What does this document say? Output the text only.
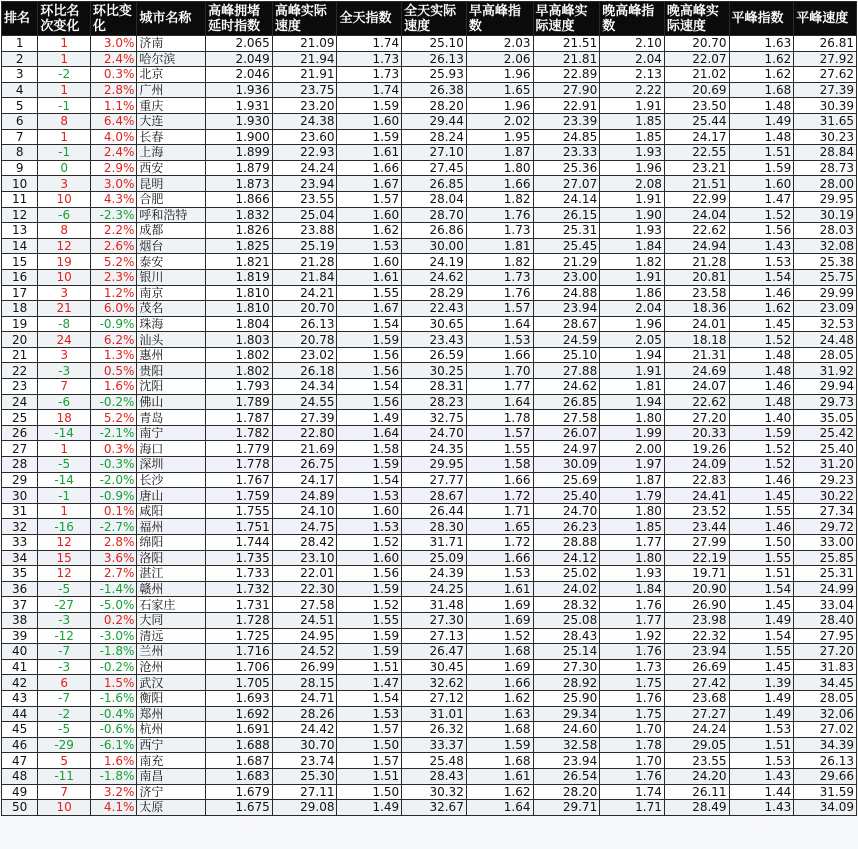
排名	环比名次变化	环比变化	城市名称	高峰拥堵延时指数	高峰实际速度	全天指数	全天实际速度	早高峰指数	早高峰实际速度	晚高峰指数	晚高峰实际速度	平峰指数	平峰速度
1	1	3.0%	济南	2.065	21.09	1.74	25.10	2.03	21.51	2.10	20.70	1.63	26.81
2	1	2.4%	哈尔滨	2.049	21.94	1.73	26.13	2.06	21.81	2.04	22.07	1.62	27.92
3	-2	0.3%	北京	2.046	21.91	1.73	25.93	1.96	22.89	2.13	21.02	1.62	27.62
4	1	2.8%	广州	1.936	23.75	1.74	26.38	1.65	27.90	2.22	20.69	1.68	27.39
5	-1	1.1%	重庆	1.931	23.20	1.59	28.20	1.96	22.91	1.91	23.50	1.48	30.39
6	8	6.4%	大连	1.930	24.38	1.60	29.44	2.02	23.39	1.85	25.44	1.49	31.65
7	1	4.0%	长春	1.900	23.60	1.59	28.24	1.95	24.85	1.85	24.17	1.48	30.23
8	-1	2.4%	上海	1.899	22.93	1.61	27.10	1.87	23.33	1.93	22.55	1.51	28.84
9	0	2.9%	西安	1.879	24.24	1.66	27.45	1.80	25.36	1.96	23.21	1.59	28.73
10	3	3.0%	昆明	1.873	23.94	1.67	26.85	1.66	27.07	2.08	21.51	1.60	28.00
11	10	4.3%	合肥	1.866	23.55	1.57	28.04	1.82	24.14	1.91	22.99	1.47	29.95
12	-6	-2.3%	呼和浩特	1.832	25.04	1.60	28.70	1.76	26.15	1.90	24.04	1.52	30.19
13	8	2.2%	成都	1.826	23.88	1.62	26.86	1.73	25.31	1.93	22.62	1.56	28.03
14	12	2.6%	烟台	1.825	25.19	1.53	30.00	1.81	25.45	1.84	24.94	1.43	32.08
15	19	5.2%	泰安	1.821	21.28	1.60	24.19	1.82	21.29	1.82	21.28	1.53	25.38
16	10	2.3%	银川	1.819	21.84	1.61	24.62	1.73	23.00	1.91	20.81	1.54	25.75
17	3	1.2%	南京	1.810	24.21	1.55	28.29	1.76	24.88	1.86	23.58	1.46	29.99
18	21	6.0%	茂名	1.810	20.70	1.67	22.43	1.57	23.94	2.04	18.36	1.62	23.09
19	-8	-0.9%	珠海	1.804	26.13	1.54	30.65	1.64	28.67	1.96	24.01	1.45	32.53
20	24	6.2%	汕头	1.803	20.78	1.59	23.43	1.53	24.59	2.05	18.18	1.52	24.48
21	3	1.3%	惠州	1.802	23.02	1.56	26.59	1.66	25.10	1.94	21.31	1.48	28.05
22	-3	0.5%	贵阳	1.802	26.18	1.56	30.25	1.70	27.88	1.91	24.69	1.48	31.92
23	7	1.6%	沈阳	1.793	24.34	1.54	28.31	1.77	24.62	1.81	24.07	1.46	29.94
24	-6	-0.2%	佛山	1.789	24.55	1.56	28.23	1.64	26.85	1.94	22.62	1.48	29.73
25	18	5.2%	青岛	1.787	27.39	1.49	32.75	1.78	27.58	1.80	27.20	1.40	35.05
26	-14	-2.1%	南宁	1.782	22.80	1.64	24.70	1.57	26.07	1.99	20.33	1.59	25.42
27	1	0.3%	海口	1.779	21.69	1.58	24.35	1.55	24.97	2.00	19.26	1.52	25.40
28	-5	-0.3%	深圳	1.778	26.75	1.59	29.95	1.58	30.09	1.97	24.09	1.52	31.20
29	-14	-2.0%	长沙	1.767	24.17	1.54	27.77	1.66	25.69	1.87	22.83	1.46	29.23
30	-1	-0.9%	唐山	1.759	24.89	1.53	28.67	1.72	25.40	1.79	24.41	1.45	30.22
31	1	0.1%	咸阳	1.755	24.10	1.60	26.44	1.71	24.70	1.80	23.52	1.55	27.34
32	-16	-2.7%	福州	1.751	24.75	1.53	28.30	1.65	26.23	1.85	23.44	1.46	29.72
33	12	2.8%	绵阳	1.744	28.42	1.52	31.71	1.72	28.88	1.77	27.99	1.50	33.00
34	15	3.6%	洛阳	1.735	23.10	1.60	25.09	1.66	24.12	1.80	22.19	1.55	25.85
35	12	2.7%	湛江	1.733	22.01	1.56	24.39	1.53	25.02	1.93	19.71	1.51	25.31
36	-5	-1.4%	赣州	1.732	22.30	1.59	24.25	1.61	24.02	1.84	20.90	1.54	24.99
37	-27	-5.0%	石家庄	1.731	27.58	1.52	31.48	1.69	28.32	1.76	26.90	1.45	33.04
38	-3	0.2%	大同	1.728	24.51	1.55	27.30	1.69	25.08	1.77	23.98	1.49	28.40
39	-12	-3.0%	清远	1.725	24.95	1.59	27.13	1.52	28.43	1.92	22.32	1.54	27.95
40	-7	-1.8%	兰州	1.716	24.52	1.59	26.47	1.68	25.14	1.76	23.94	1.55	27.20
41	-3	-0.2%	沧州	1.706	26.99	1.51	30.45	1.69	27.30	1.73	26.69	1.45	31.83
42	6	1.5%	武汉	1.705	28.15	1.47	32.62	1.66	28.92	1.75	27.42	1.39	34.45
43	-7	-1.6%	衡阳	1.693	24.71	1.54	27.12	1.62	25.90	1.76	23.68	1.49	28.05
44	-2	-0.4%	郑州	1.692	28.26	1.53	31.01	1.63	29.34	1.75	27.27	1.49	32.06
45	-5	-0.6%	杭州	1.691	24.42	1.57	26.32	1.68	24.60	1.70	24.24	1.53	27.02
46	-29	-6.1%	西宁	1.688	30.70	1.50	33.37	1.59	32.58	1.78	29.05	1.51	34.39
47	5	1.6%	南充	1.687	23.74	1.57	25.48	1.68	23.94	1.70	23.55	1.53	26.13
48	-11	-1.8%	南昌	1.683	25.30	1.51	28.43	1.61	26.54	1.76	24.20	1.43	29.66
49	7	3.2%	济宁	1.679	27.11	1.50	30.32	1.62	28.20	1.74	26.11	1.44	31.59
50	10	4.1%	太原	1.675	29.08	1.49	32.67	1.64	29.71	1.71	28.49	1.43	34.09
